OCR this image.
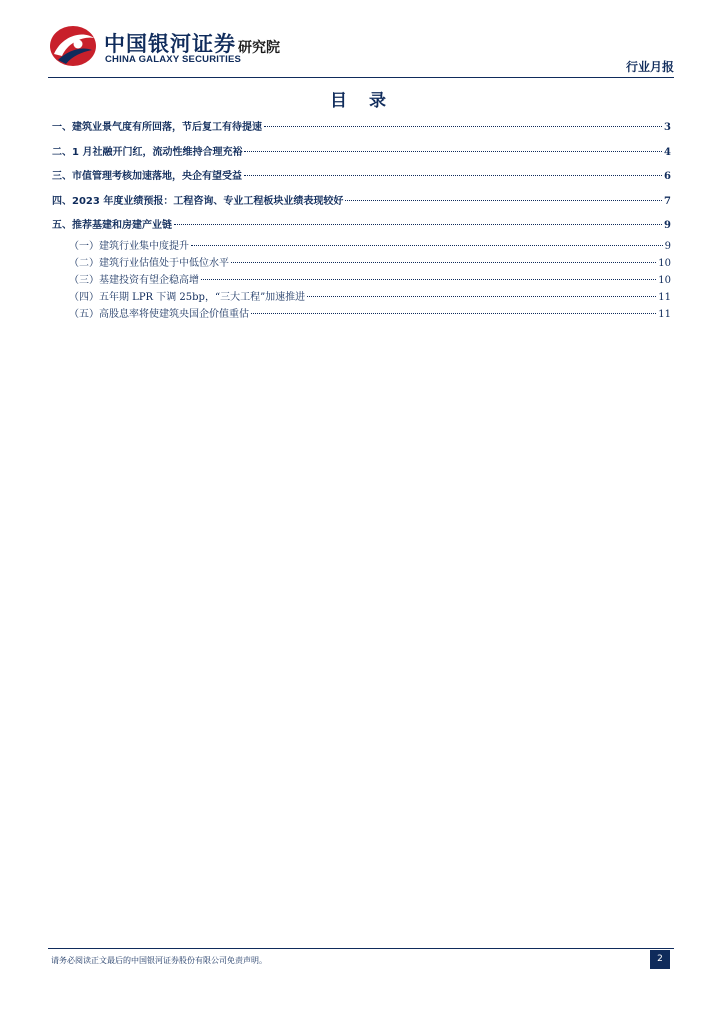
中国银河证券
CHINA GALAXY SECURITIES
研究院
行业月报
目 录
一、建筑业景气度有所回落，节后复工有待提速	3
二、1 月社融开门红，流动性维持合理充裕	4
三、市值管理考核加速落地，央企有望受益	6
四、2023 年度业绩预报：工程咨询、专业工程板块业绩表现较好	7
五、推荐基建和房建产业链	9
（一）建筑行业集中度提升	9
（二）建筑行业估值处于中低位水平	10
（三）基建投资有望企稳高增	10
（四）五年期 LPR 下调 25bp，“三大工程”加速推进	11
（五）高股息率将使建筑央国企价值重估	11
请务必阅读正文最后的中国银河证券股份有限公司免责声明。	2
